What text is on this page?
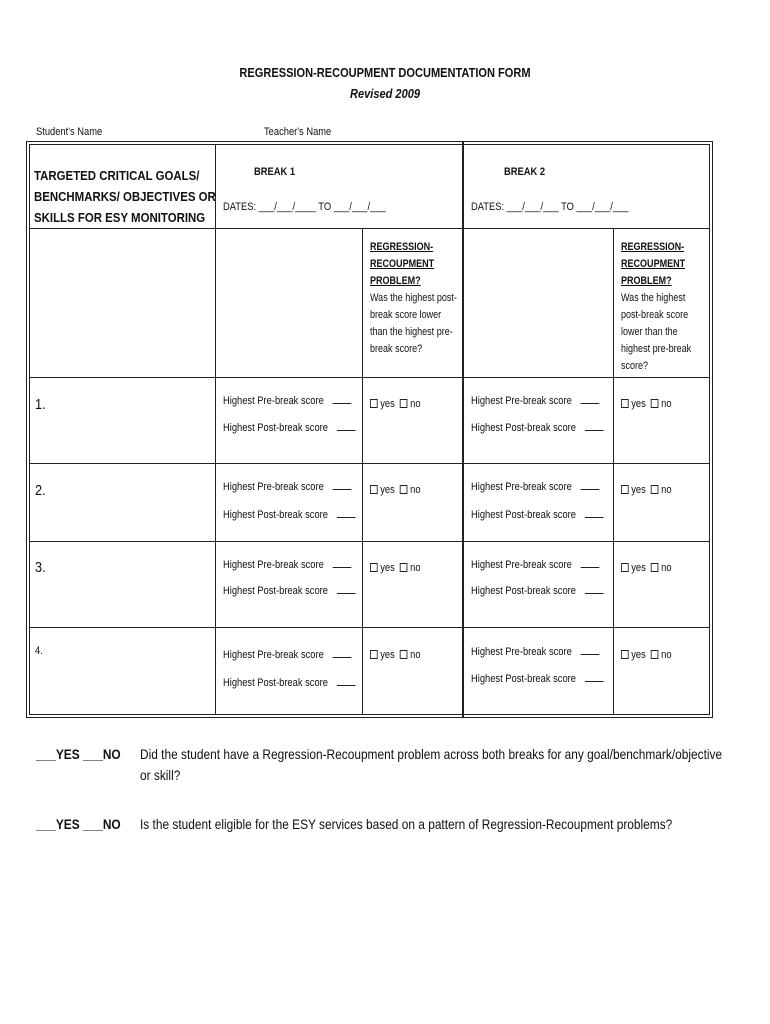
REGRESSION-RECOUPMENT DOCUMENTATION FORM
Revised 2009
Student's Name	Teacher's Name
TARGETED CRITICAL GOALS/
BENCHMARKS/ OBJECTIVES OR
SKILLS FOR ESY MONITORING
BREAK 1	BREAK 2
DATES: ___/___/____ TO ___/___/___	DATES: ___/___/___ TO ___/___/___
REGRESSION-
RECOUPMENT
PROBLEM?
Was the highest post-
break score lower
than the highest pre-
break score?
REGRESSION-
RECOUPMENT
PROBLEM?
Was the highest
post-break score
lower than the
highest pre-break
score?
1.	Highest Pre-break score
Highest Post-break score
yes no	Highest Pre-break score
Highest Post-break score
yes no
2.	Highest Pre-break score
Highest Post-break score
yes no	Highest Pre-break score
Highest Post-break score
yes no
3.	Highest Pre-break score
Highest Post-break score
yes no	Highest Pre-break score
Highest Post-break score
yes no
4.	Highest Pre-break score
Highest Post-break score
yes no	Highest Pre-break score
Highest Post-break score
yes no
___YES ___NO Did the student have a Regression-Recoupment problem across both breaks for any goal/benchmark/objective or skill?
___YES ___NO Is the student eligible for the ESY services based on a pattern of Regression-Recoupment problems?
